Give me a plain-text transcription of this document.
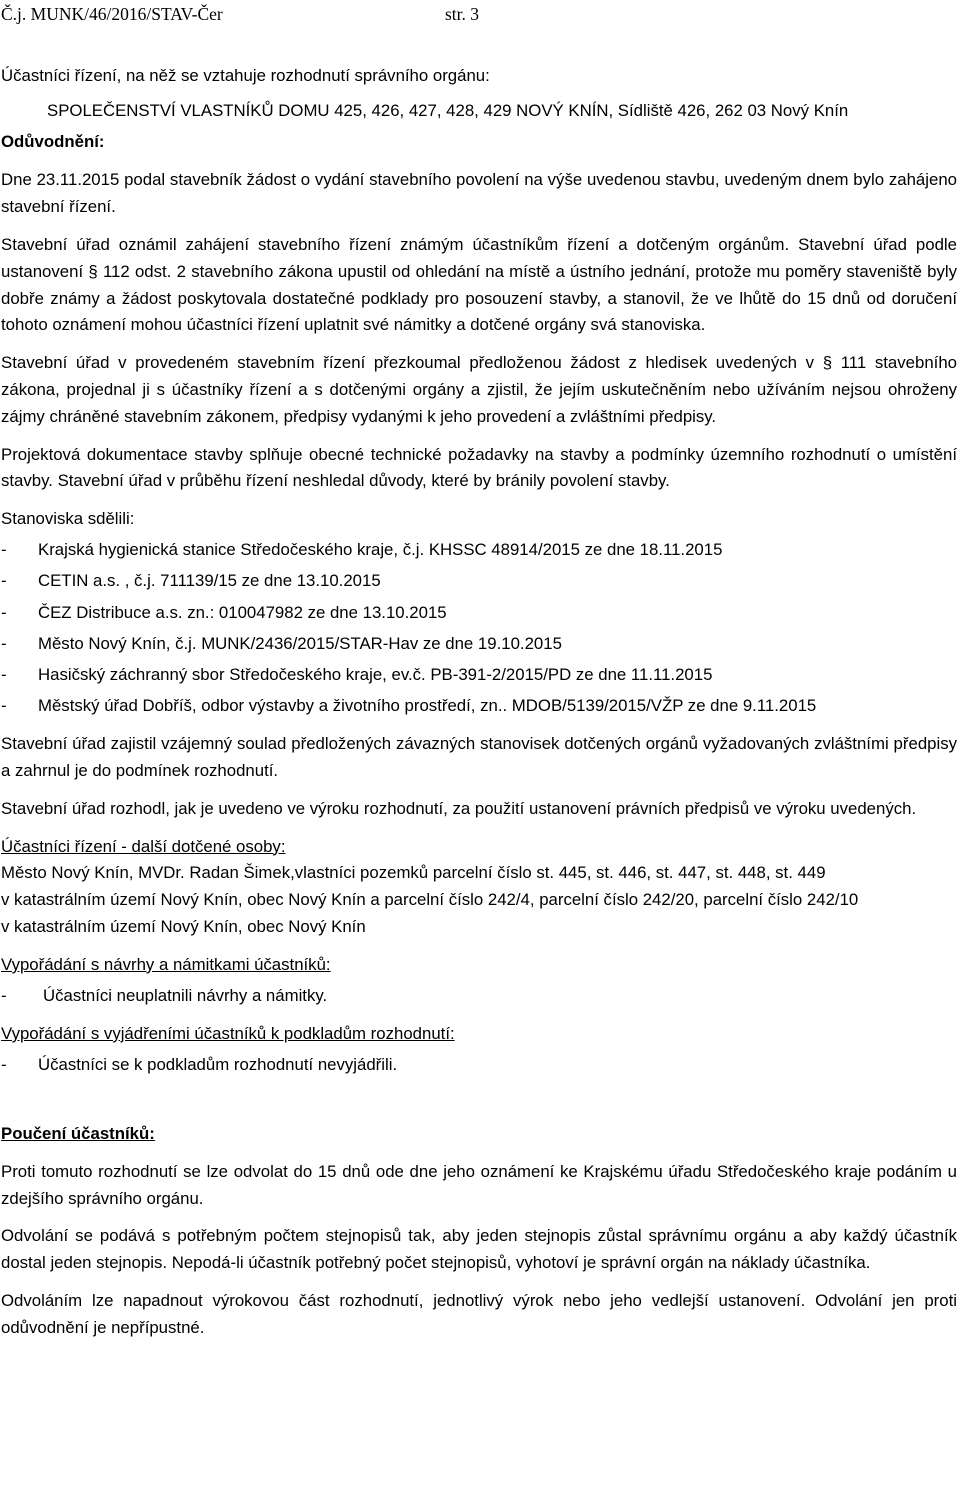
Č.j. MUNK/46/2016/STAV-Čer	str. 3

Účastníci řízení, na něž se vztahuje rozhodnutí správního orgánu:

SPOLEČENSTVÍ VLASTNÍKŮ DOMU 425, 426, 427, 428, 429 NOVÝ KNÍN, Sídliště 426, 262 03 Nový Knín

Odůvodnění:

Dne 23.11.2015 podal stavebník žádost o vydání stavebního povolení na výše uvedenou stavbu, uvedeným dnem bylo zahájeno stavební řízení.

Stavební úřad oznámil zahájení stavebního řízení známým účastníkům řízení a dotčeným orgánům. Stavební úřad podle ustanovení § 112 odst. 2 stavebního zákona upustil od ohledání na místě a ústního jednání, protože mu poměry staveniště byly dobře známy a žádost poskytovala dostatečné podklady pro posouzení stavby, a stanovil, že ve lhůtě do 15 dnů od doručení tohoto oznámení mohou účastníci řízení uplatnit své námitky a dotčené orgány svá stanoviska.

Stavební úřad v provedeném stavebním řízení přezkoumal předloženou žádost z hledisek uvedených v § 111 stavebního zákona, projednal ji s účastníky řízení a s dotčenými orgány a zjistil, že jejím uskutečněním nebo užíváním nejsou ohroženy zájmy chráněné stavebním zákonem, předpisy vydanými k jeho provedení a zvláštními předpisy.

Projektová dokumentace stavby splňuje obecné technické požadavky na stavby a podmínky územního rozhodnutí o umístění stavby. Stavební úřad v průběhu řízení neshledal důvody, které by bránily povolení stavby.

Stanoviska sdělili:

-	Krajská hygienická stanice Středočeského kraje, č.j. KHSSC 48914/2015 ze dne 18.11.2015
-	CETIN a.s. , č.j. 711139/15 ze dne 13.10.2015
-	ČEZ Distribuce a.s. zn.: 010047982 ze dne 13.10.2015
-	Město Nový Knín, č.j. MUNK/2436/2015/STAR-Hav ze dne 19.10.2015
-	Hasičský záchranný sbor Středočeského kraje, ev.č. PB-391-2/2015/PD ze dne 11.11.2015
-	Městský úřad Dobříš, odbor výstavby a životního prostředí, zn.. MDOB/5139/2015/VŽP ze dne 9.11.2015

Stavební úřad zajistil vzájemný soulad předložených závazných stanovisek dotčených orgánů vyžadovaných zvláštními předpisy a zahrnul je do podmínek rozhodnutí.

Stavební úřad rozhodl, jak je uvedeno ve výroku rozhodnutí, za použití ustanovení právních předpisů ve výroku uvedených.

Účastníci řízení - další dotčené osoby:

Město Nový Knín, MVDr. Radan Šimek,vlastníci pozemků parcelní číslo st. 445, st. 446, st. 447, st. 448, st. 449
v katastrálním území Nový Knín, obec Nový Knín a parcelní číslo 242/4, parcelní číslo 242/20, parcelní číslo 242/10
v katastrálním území Nový Knín, obec Nový Knín

Vypořádání s návrhy a námitkami účastníků:

-	Účastníci neuplatnili návrhy a námitky.

Vypořádání s vyjádřeními účastníků k podkladům rozhodnutí:

-	Účastníci se k podkladům rozhodnutí nevyjádřili.

Poučení účastníků:

Proti tomuto rozhodnutí se lze odvolat do 15 dnů ode dne jeho oznámení ke Krajskému úřadu Středočeského kraje podáním u zdejšího správního orgánu.

Odvolání se podává s potřebným počtem stejnopisů tak, aby jeden stejnopis zůstal správnímu orgánu a aby každý účastník dostal jeden stejnopis. Nepodá-li účastník potřebný počet stejnopisů, vyhotoví je správní orgán na náklady účastníka.

Odvoláním lze napadnout výrokovou část rozhodnutí, jednotlivý výrok nebo jeho vedlejší ustanovení. Odvolání jen proti odůvodnění je nepřípustné.
